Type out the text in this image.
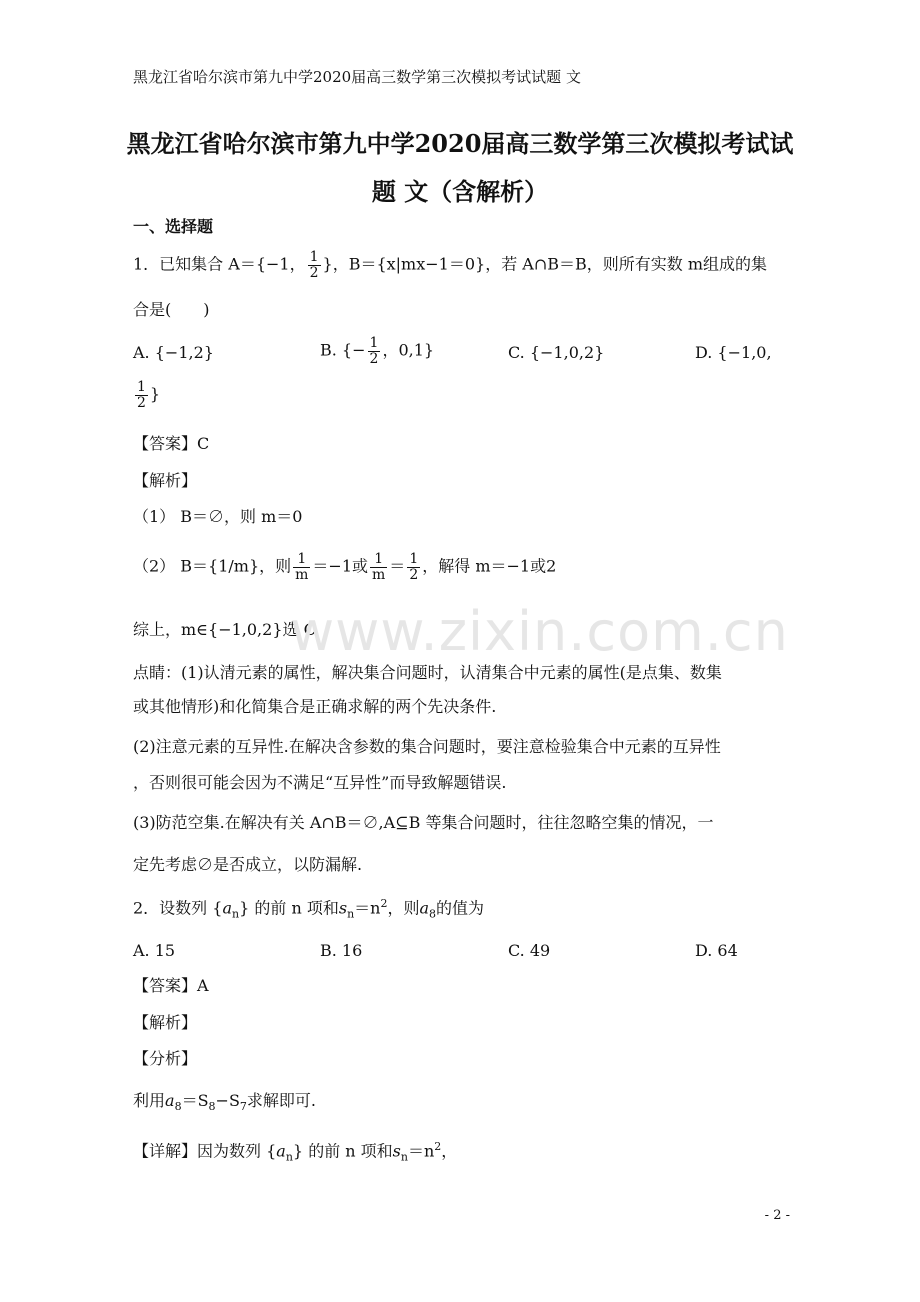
黑龙江省哈尔滨市第九中学2020届高三数学第三次模拟考试试题 文
黑龙江省哈尔滨市第九中学2020届高三数学第三次模拟考试试
题 文（含解析）
一、选择题
1．已知集合 A＝{−1， $\frac{1}{2}$ }，B＝{x|mx−1＝0}，若 A∩B＝B，则所有实数 m组成的集
合是(　　)
A. {−1,2}	B. {− $\frac{1}{2}$ ，0,1}	C. {−1,0,2}	D. {−1,0,
$\frac{1}{2}$ }
【答案】C
【解析】
（1） B＝∅，则 m＝0
（2） B＝{1/m}，则 $\frac{1}{m} =-1$或 $\frac{1}{m} = \frac{1}{2}$ ，解得 m＝−1或2
综上，m∈{−1,0,2}选 C
点睛：(1)认清元素的属性，解决集合问题时，认清集合中元素的属性(是点集、数集
或其他情形)和化简集合是正确求解的两个先决条件.
(2)注意元素的互异性.在解决含参数的集合问题时，要注意检验集合中元素的互异性
，否则很可能会因为不满足“互异性”而导致解题错误.
(3)防范空集.在解决有关 A∩B＝∅,A⊆B 等集合问题时，往往忽略空集的情况，一
定先考虑∅是否成立，以防漏解.
2．设数列 $\{a_n\}$ 的前 n 项和$s_n=n^2$，则$a_8$的值为
A. 15	B. 16	C. 49	D. 64
【答案】A
【解析】
【分析】
利用$a_8=S_8-S_7$求解即可.
【详解】因为数列 $\{a_n\}$ 的前 n 项和$s_n=n^2$，
www.zixin.com.cn
- 2 -
